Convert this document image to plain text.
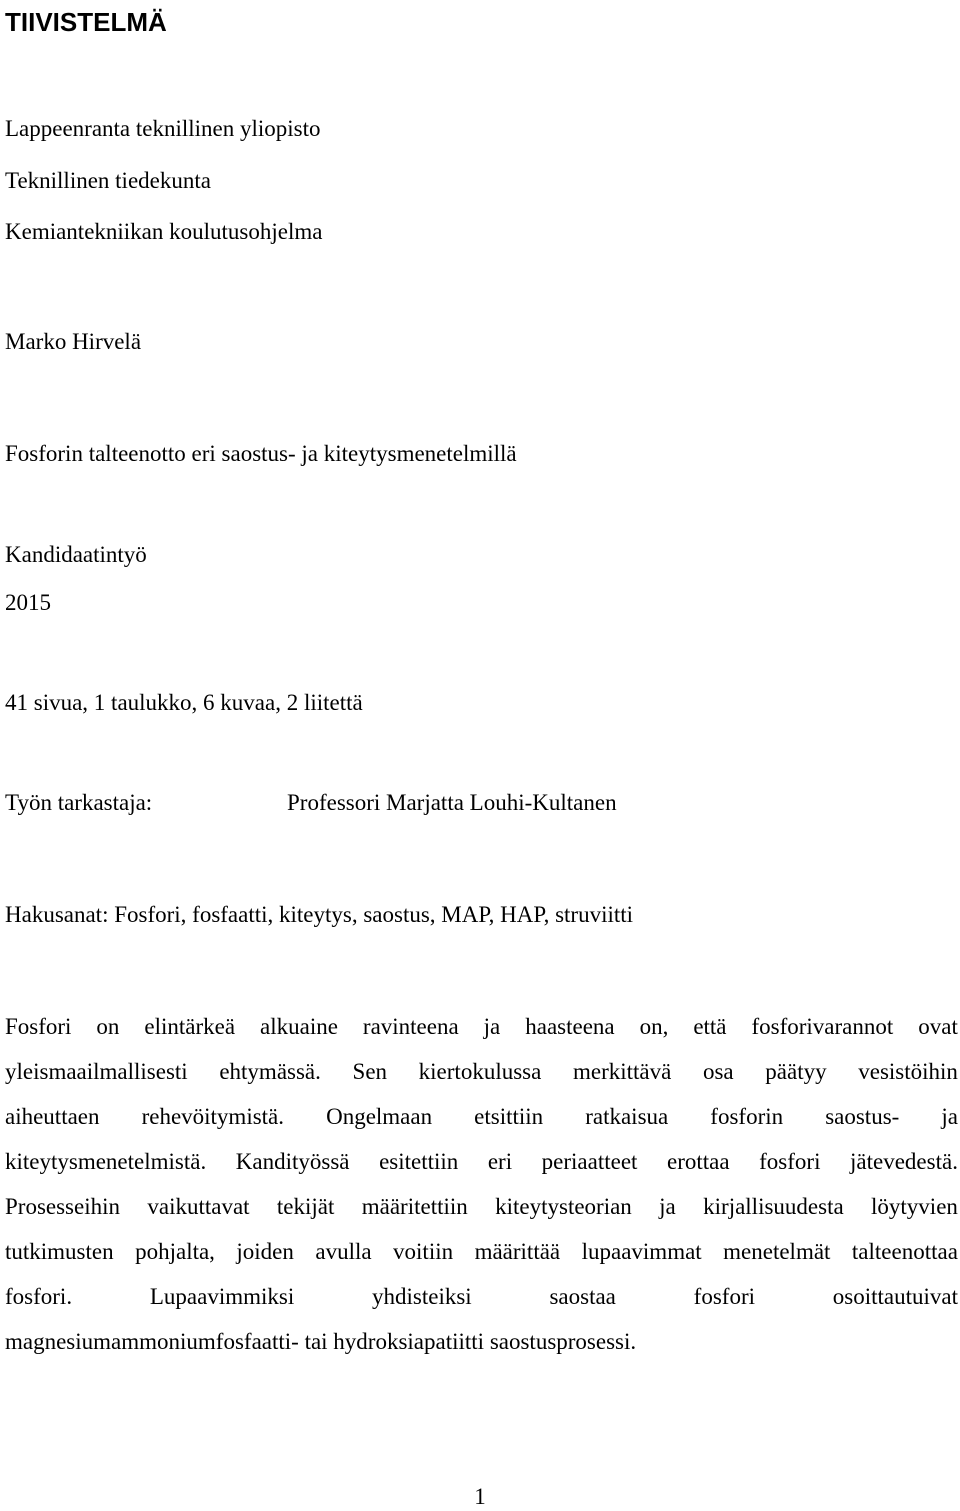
TIIVISTELMÄ
Lappeenranta teknillinen yliopisto
Teknillinen tiedekunta
Kemiantekniikan koulutusohjelma
Marko Hirvelä
Fosforin talteenotto eri saostus- ja kiteytysmenetelmillä
Kandidaatintyö
2015
41 sivua, 1 taulukko, 6 kuvaa, 2 liitettä
Työn tarkastaja:	Professori Marjatta Louhi-Kultanen
Hakusanat: Fosfori, fosfaatti, kiteytys, saostus, MAP, HAP, struviitti
Fosfori on elintärkeä alkuaine ravinteena ja haasteena on, että fosforivarannot ovat
yleismaailmallisesti ehtymässä. Sen kiertokulussa merkittävä osa päätyy vesistöihin
aiheuttaen rehevöitymistä. Ongelmaan etsittiin ratkaisua fosforin saostus- ja
kiteytysmenetelmistä. Kandityössä esitettiin eri periaatteet erottaa fosfori jätevedestä.
Prosesseihin vaikuttavat tekijät määritettiin kiteytysteorian ja kirjallisuudesta löytyvien
tutkimusten pohjalta, joiden avulla voitiin määrittää lupaavimmat menetelmät talteenottaa
fosfori.	Lupaavimmiksi	yhdisteiksi	saostaa	fosfori	osoittautuivat
magnesiumammoniumfosfaatti- tai hydroksiapatiitti saostusprosessi.
1
